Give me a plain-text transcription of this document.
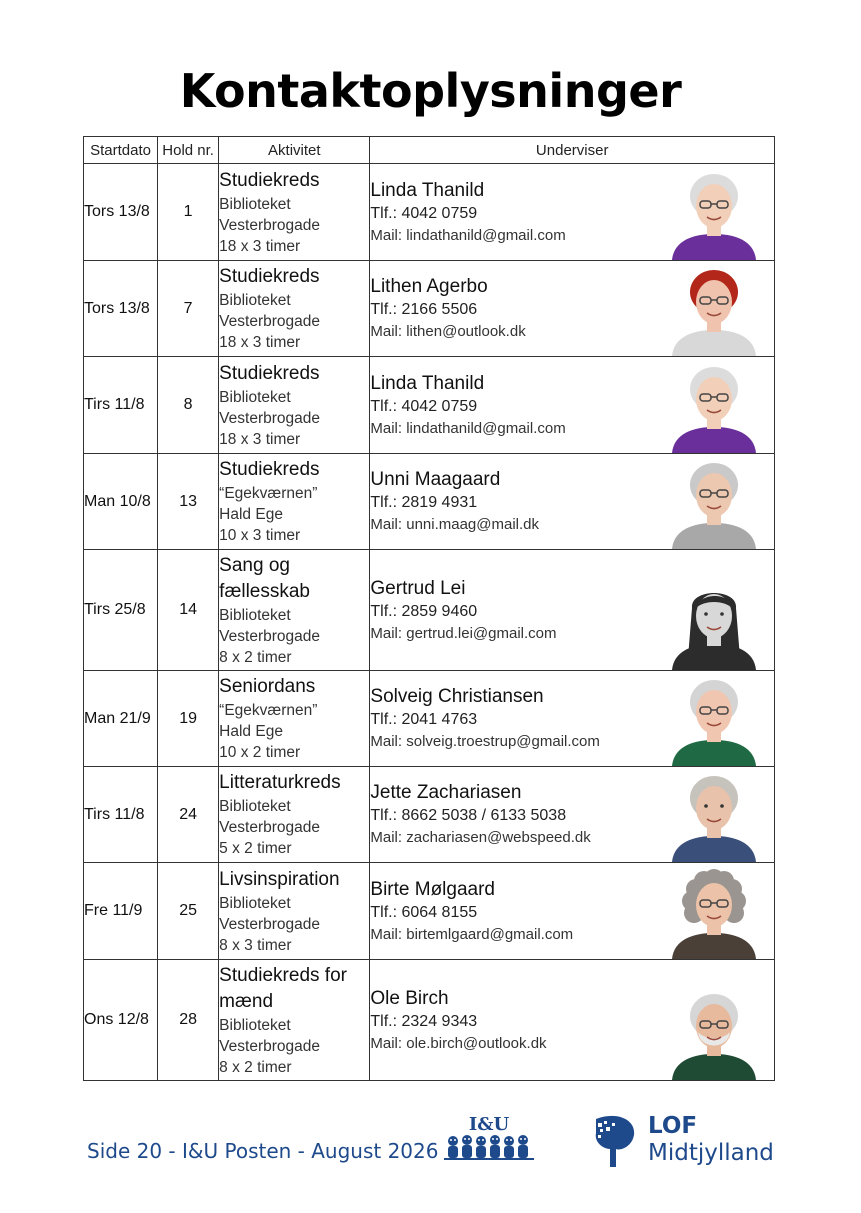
Kontaktoplysninger
Startdato	Hold nr.	Aktivitet	Underviser
Tors 13/8	1	Studiekreds
Biblioteket
Vesterbrogade
18 x 3 timer	Linda Thanild
Tlf.: 4042 0759
Mail: lindathanild@gmail.com

Tors 13/8	7	Studiekreds
Biblioteket
Vesterbrogade
18 x 3 timer	Lithen Agerbo
Tlf.: 2166 5506
Mail: lithen@outlook.dk

Tirs 11/8	8	Studiekreds
Biblioteket
Vesterbrogade
18 x 3 timer	Linda Thanild
Tlf.: 4042 0759
Mail: lindathanild@gmail.com

Man 10/8	13	Studiekreds
“Egekværnen”
Hald Ege
10 x 3 timer	Unni Maagaard
Tlf.: 2819 4931
Mail: unni.maag@mail.dk

Tirs 25/8	14	Sang og fællesskab
Biblioteket
Vesterbrogade
8 x 2 timer	Gertrud Lei
Tlf.: 2859 9460
Mail: gertrud.lei@gmail.com

Man 21/9	19	Seniordans
“Egekværnen”
Hald Ege
10 x 2 timer	Solveig Christiansen
Tlf.: 2041 4763
Mail: solveig.troestrup@gmail.com

Tirs 11/8	24	Litteraturkreds
Biblioteket
Vesterbrogade
5 x 2 timer	Jette Zachariasen
Tlf.: 8662 5038 / 6133 5038
Mail: zachariasen@webspeed.dk

Fre 11/9	25	Livsinspiration
Biblioteket
Vesterbrogade
8 x 3 timer	Birte Mølgaard
Tlf.: 6064 8155
Mail: birtemlgaard@gmail.com

Ons 12/8	28	Studiekreds for mænd
Biblioteket
Vesterbrogade
8 x 2 timer	Ole Birch
Tlf.: 2324 9343
Mail: ole.birch@outlook.dk
Side 20 - I&U Posten - August 2026
I&U	LOF
Midtjylland
